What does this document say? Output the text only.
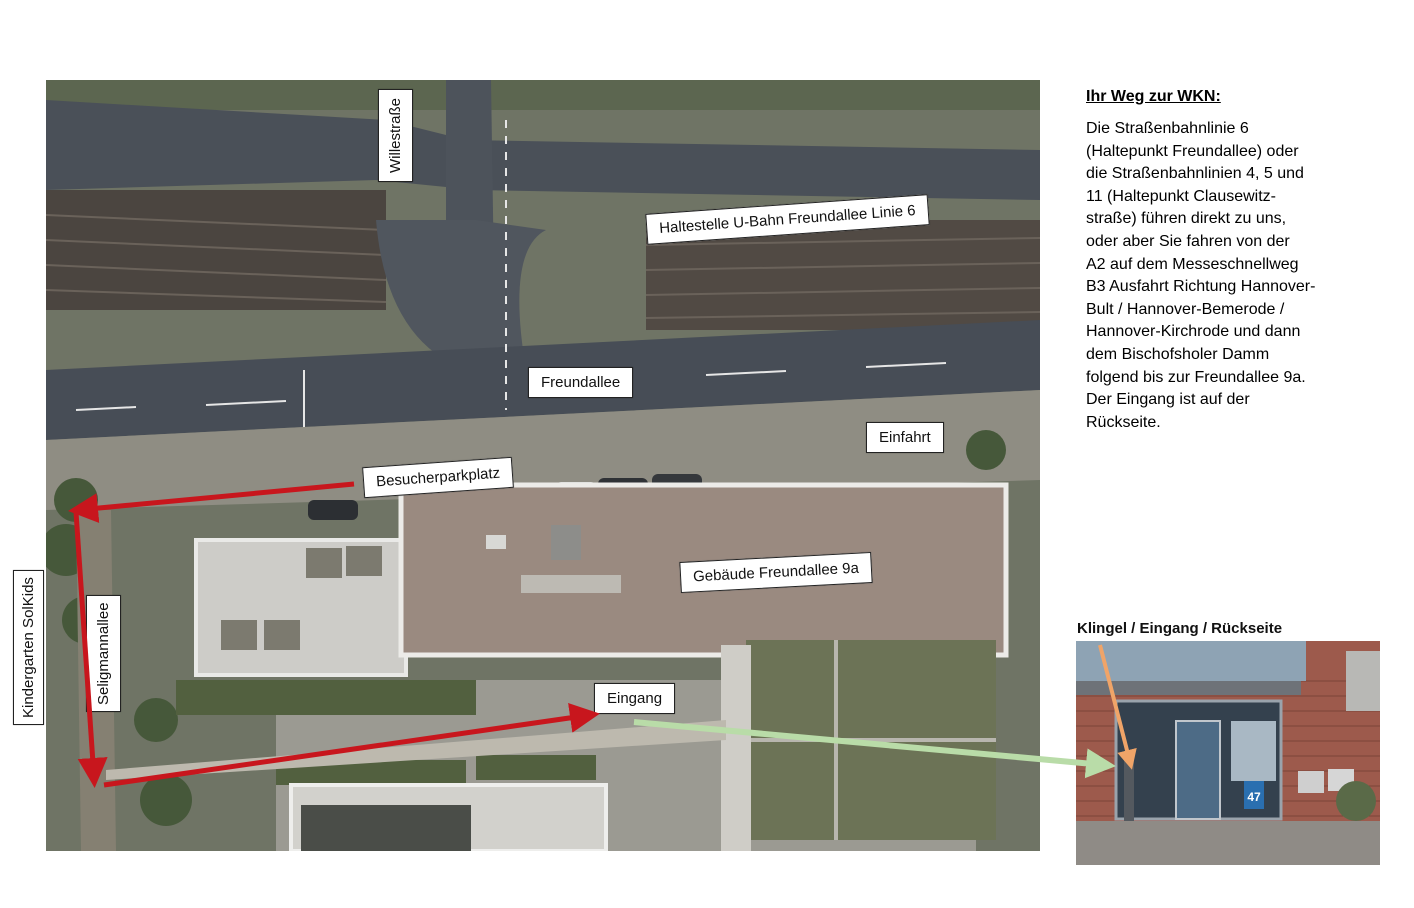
Willestraße
Haltestelle U-Bahn Freundallee Linie 6
Freundallee
Einfahrt
Besucherparkplatz
Gebäude Freundallee 9a
Eingang
Seligmannallee
Kindergarten SolKids
Ihr Weg zur WKN:
Die Straßenbahnlinie 6
(Haltepunkt Freundallee) oder
die Straßenbahnlinien 4, 5 und
11 (Haltepunkt Clausewitz-
straße) führen direkt zu uns,
oder aber Sie fahren von der
A2 auf dem Messeschnellweg
B3 Ausfahrt Richtung Hannover-
Bult / Hannover-Bemerode /
Hannover-Kirchrode und dann
dem Bischofsholer Damm
folgend bis zur Freundallee 9a.
Der Eingang ist auf der
Rückseite.
Klingel / Eingang / Rückseite
47
